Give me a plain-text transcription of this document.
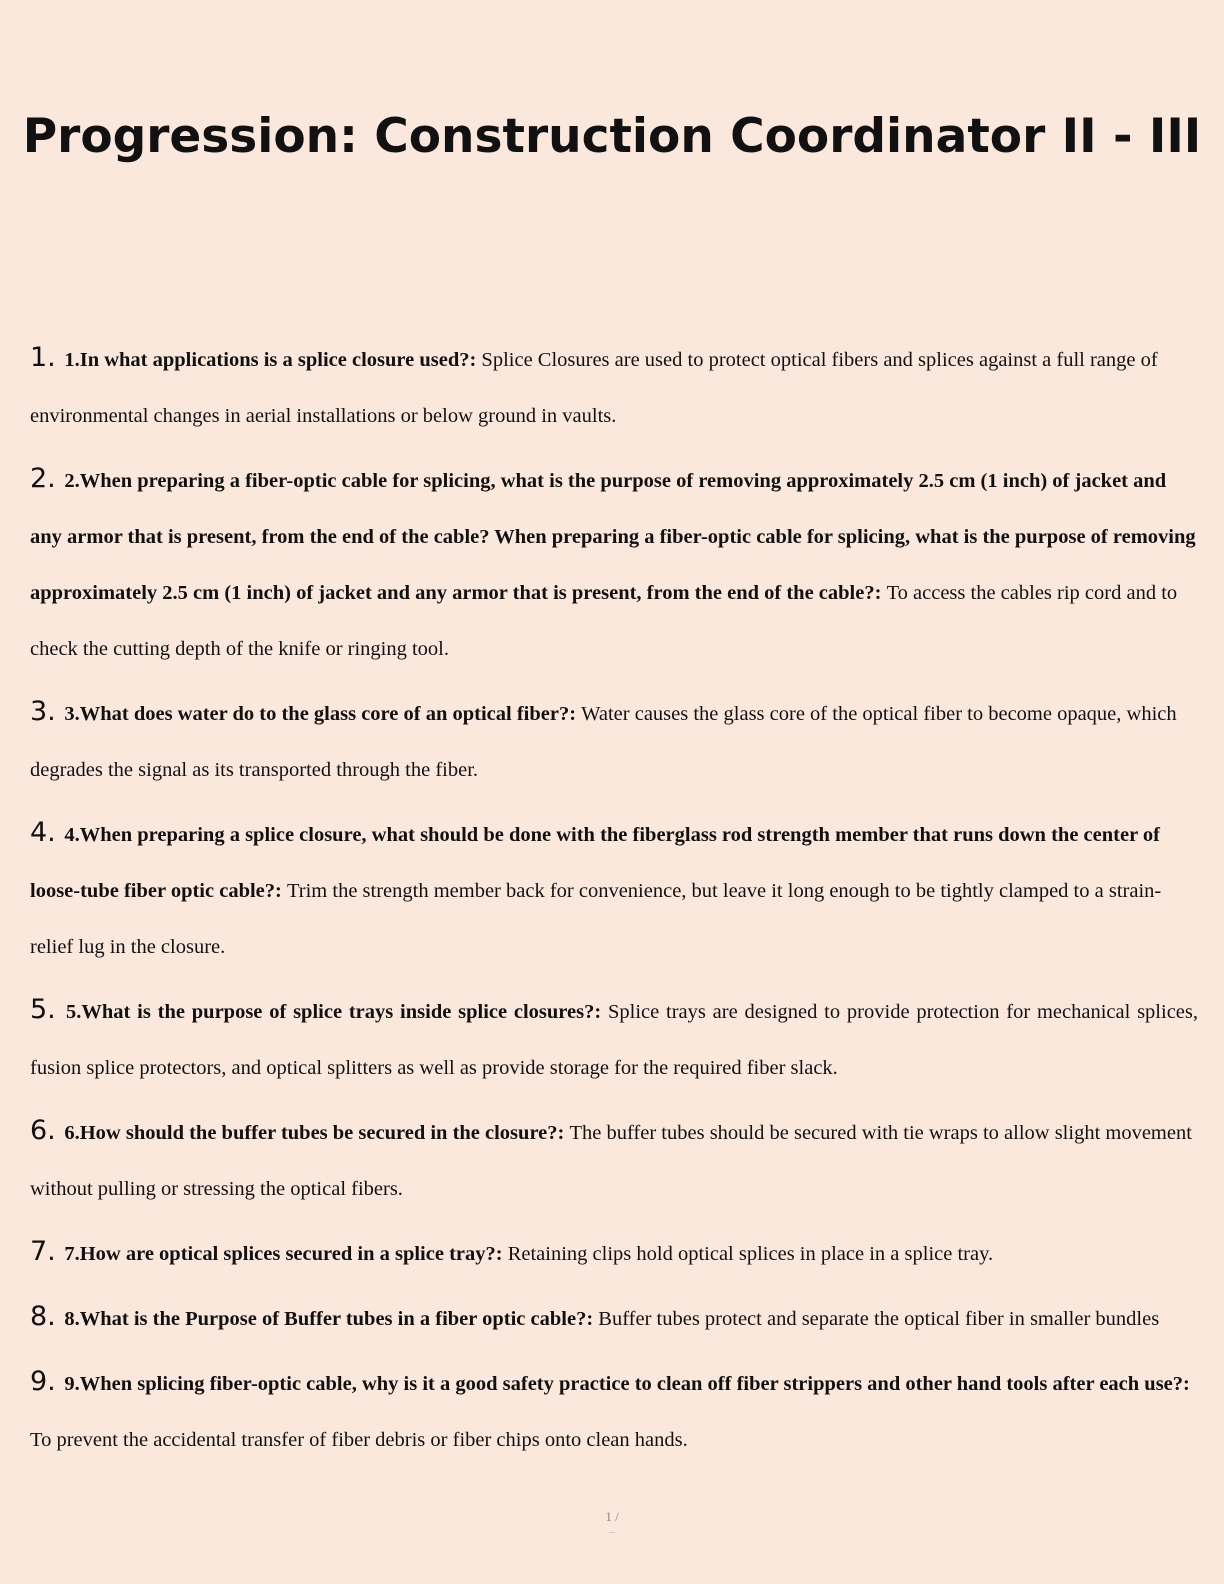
Progression: Construction Coordinator II - III
1. 1.In what applications is a splice closure used?: Splice Closures are used to protect optical fibers and splices against a full range of environmental changes in aerial installations or below ground in vaults.
2. 2.When preparing a fiber-optic cable for splicing, what is the purpose of removing approximately 2.5 cm (1 inch) of jacket and any armor that is present, from the end of the cable? When preparing a fiber-optic cable for splicing, what is the purpose of removing approximately 2.5 cm (1 inch) of jacket and any armor that is present, from the end of the cable?: To access the cables rip cord and to check the cutting depth of the knife or ringing tool.
3. 3.What does water do to the glass core of an optical fiber?: Water causes the glass core of the optical fiber to become opaque, which degrades the signal as its transported through the fiber.
4. 4.When preparing a splice closure, what should be done with the fiberglass rod strength member that runs down the center of loose-tube fiber optic cable?: Trim the strength member back for convenience, but leave it long enough to be tightly clamped to a strain-relief lug in the closure.
5. 5.What is the purpose of splice trays inside splice closures?: Splice trays are designed to provide protection for mechanical splices, fusion splice protectors, and optical splitters as well as provide storage for the required fiber slack.
6. 6.How should the buffer tubes be secured in the closure?: The buffer tubes should be secured with tie wraps to allow slight movement without pulling or stressing the optical fibers.
7. 7.How are optical splices secured in a splice tray?: Retaining clips hold optical splices in place in a splice tray.
8. 8.What is the Purpose of Buffer tubes in a fiber optic cable?: Buffer tubes protect and separate the optical fiber in smaller bundles
9. 9.When splicing fiber-optic cable, why is it a good safety practice to clean off fiber strippers and other hand tools after each use?: To prevent the accidental transfer of fiber debris or fiber chips onto clean hands.
1 /
...
